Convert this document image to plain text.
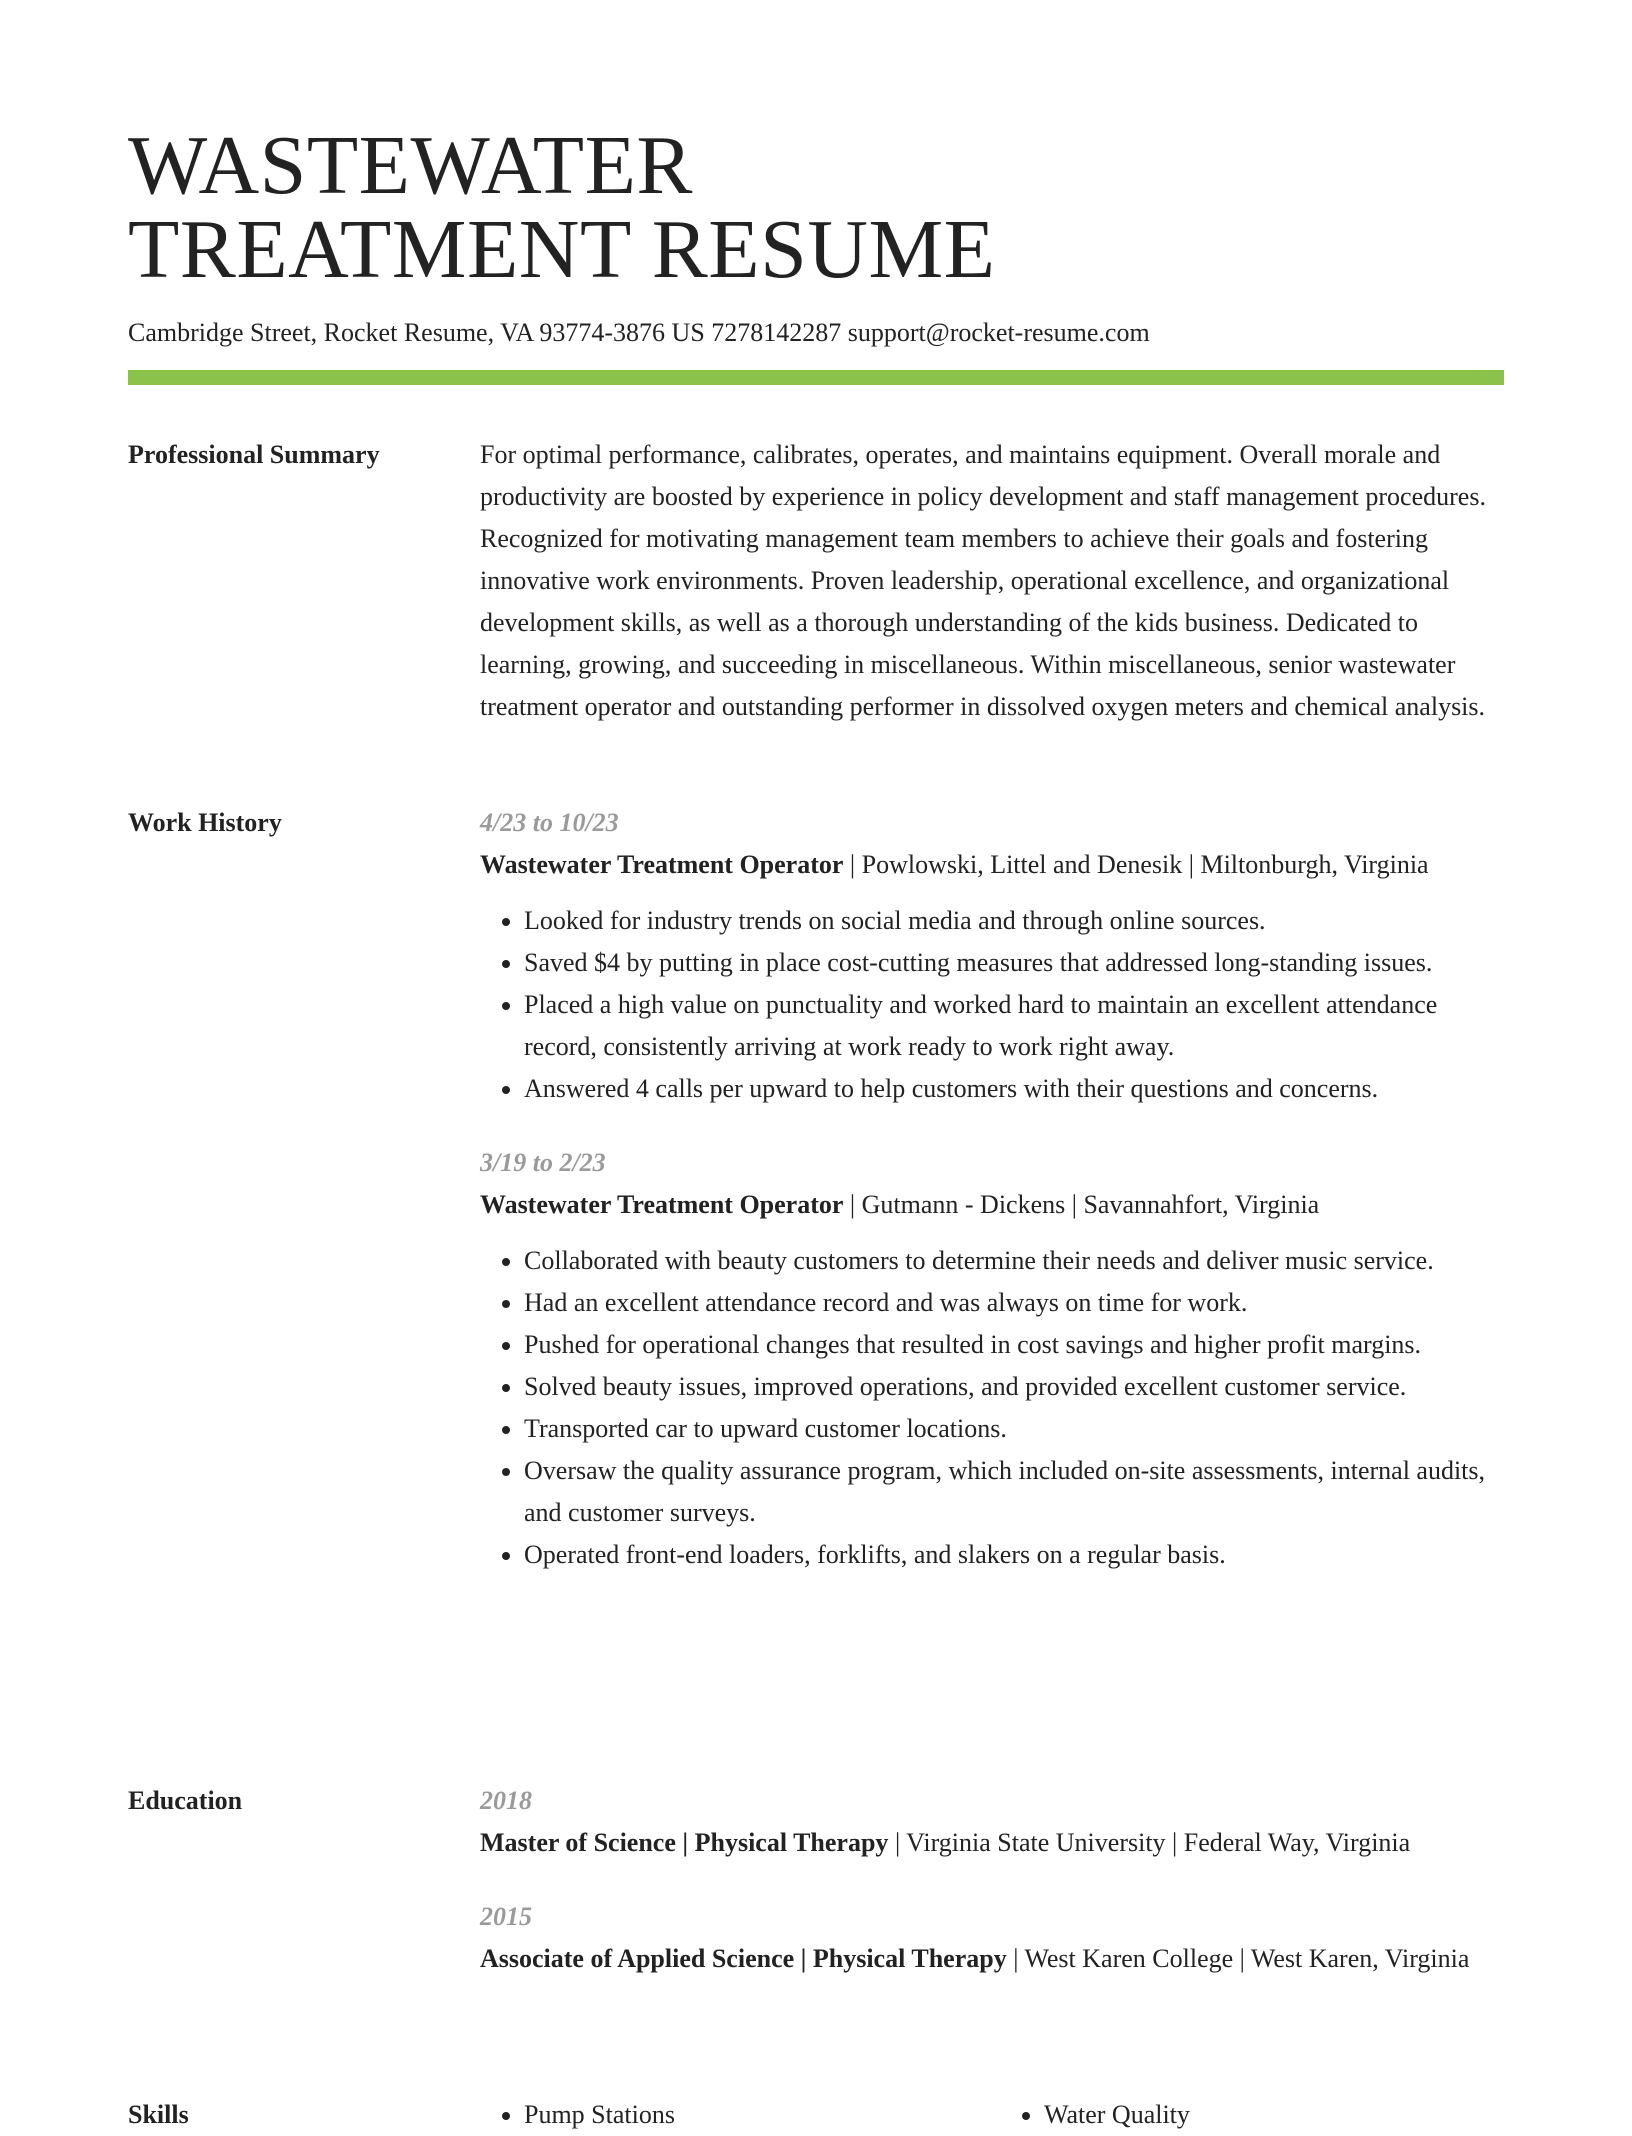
WASTEWATER
TREATMENT RESUME
Cambridge Street, Rocket Resume, VA 93774-3876 US 7278142287 support@rocket-resume.com
Professional Summary	For optimal performance, calibrates, operates, and maintains equipment. Overall morale and productivity are boosted by experience in policy development and staff management procedures. Recognized for motivating management team members to achieve their goals and fostering innovative work environments. Proven leadership, operational excellence, and organizational development skills, as well as a thorough understanding of the kids business. Dedicated to learning, growing, and succeeding in miscellaneous. Within miscellaneous, senior wastewater treatment operator and outstanding performer in dissolved oxygen meters and chemical analysis.

Work History	4/23 to 10/23

Wastewater Treatment Operator | Powlowski, Littel and Denesik | Miltonburgh, Virginia

• Looked for industry trends on social media and through online sources.
• Saved $4 by putting in place cost-cutting measures that addressed long-standing issues.
• Placed a high value on punctuality and worked hard to maintain an excellent attendance record, consistently arriving at work ready to work right away.
• Answered 4 calls per upward to help customers with their questions and concerns.
3/19 to 2/23

Wastewater Treatment Operator | Gutmann - Dickens | Savannahfort, Virginia

• Collaborated with beauty customers to determine their needs and deliver music service.
• Had an excellent attendance record and was always on time for work.
• Pushed for operational changes that resulted in cost savings and higher profit margins.
• Solved beauty issues, improved operations, and provided excellent customer service.
• Transported car to upward customer locations.
• Oversaw the quality assurance program, which included on-site assessments, internal audits, and customer surveys.
• Operated front-end loaders, forklifts, and slakers on a regular basis.
Education	2018

Master of Science | Physical Therapy | Virginia State University | Federal Way, Virginia

2015

Associate of Applied Science | Physical Therapy | West Karen College | West Karen, Virginia

Skills	• Pump Stations	• Water Quality
